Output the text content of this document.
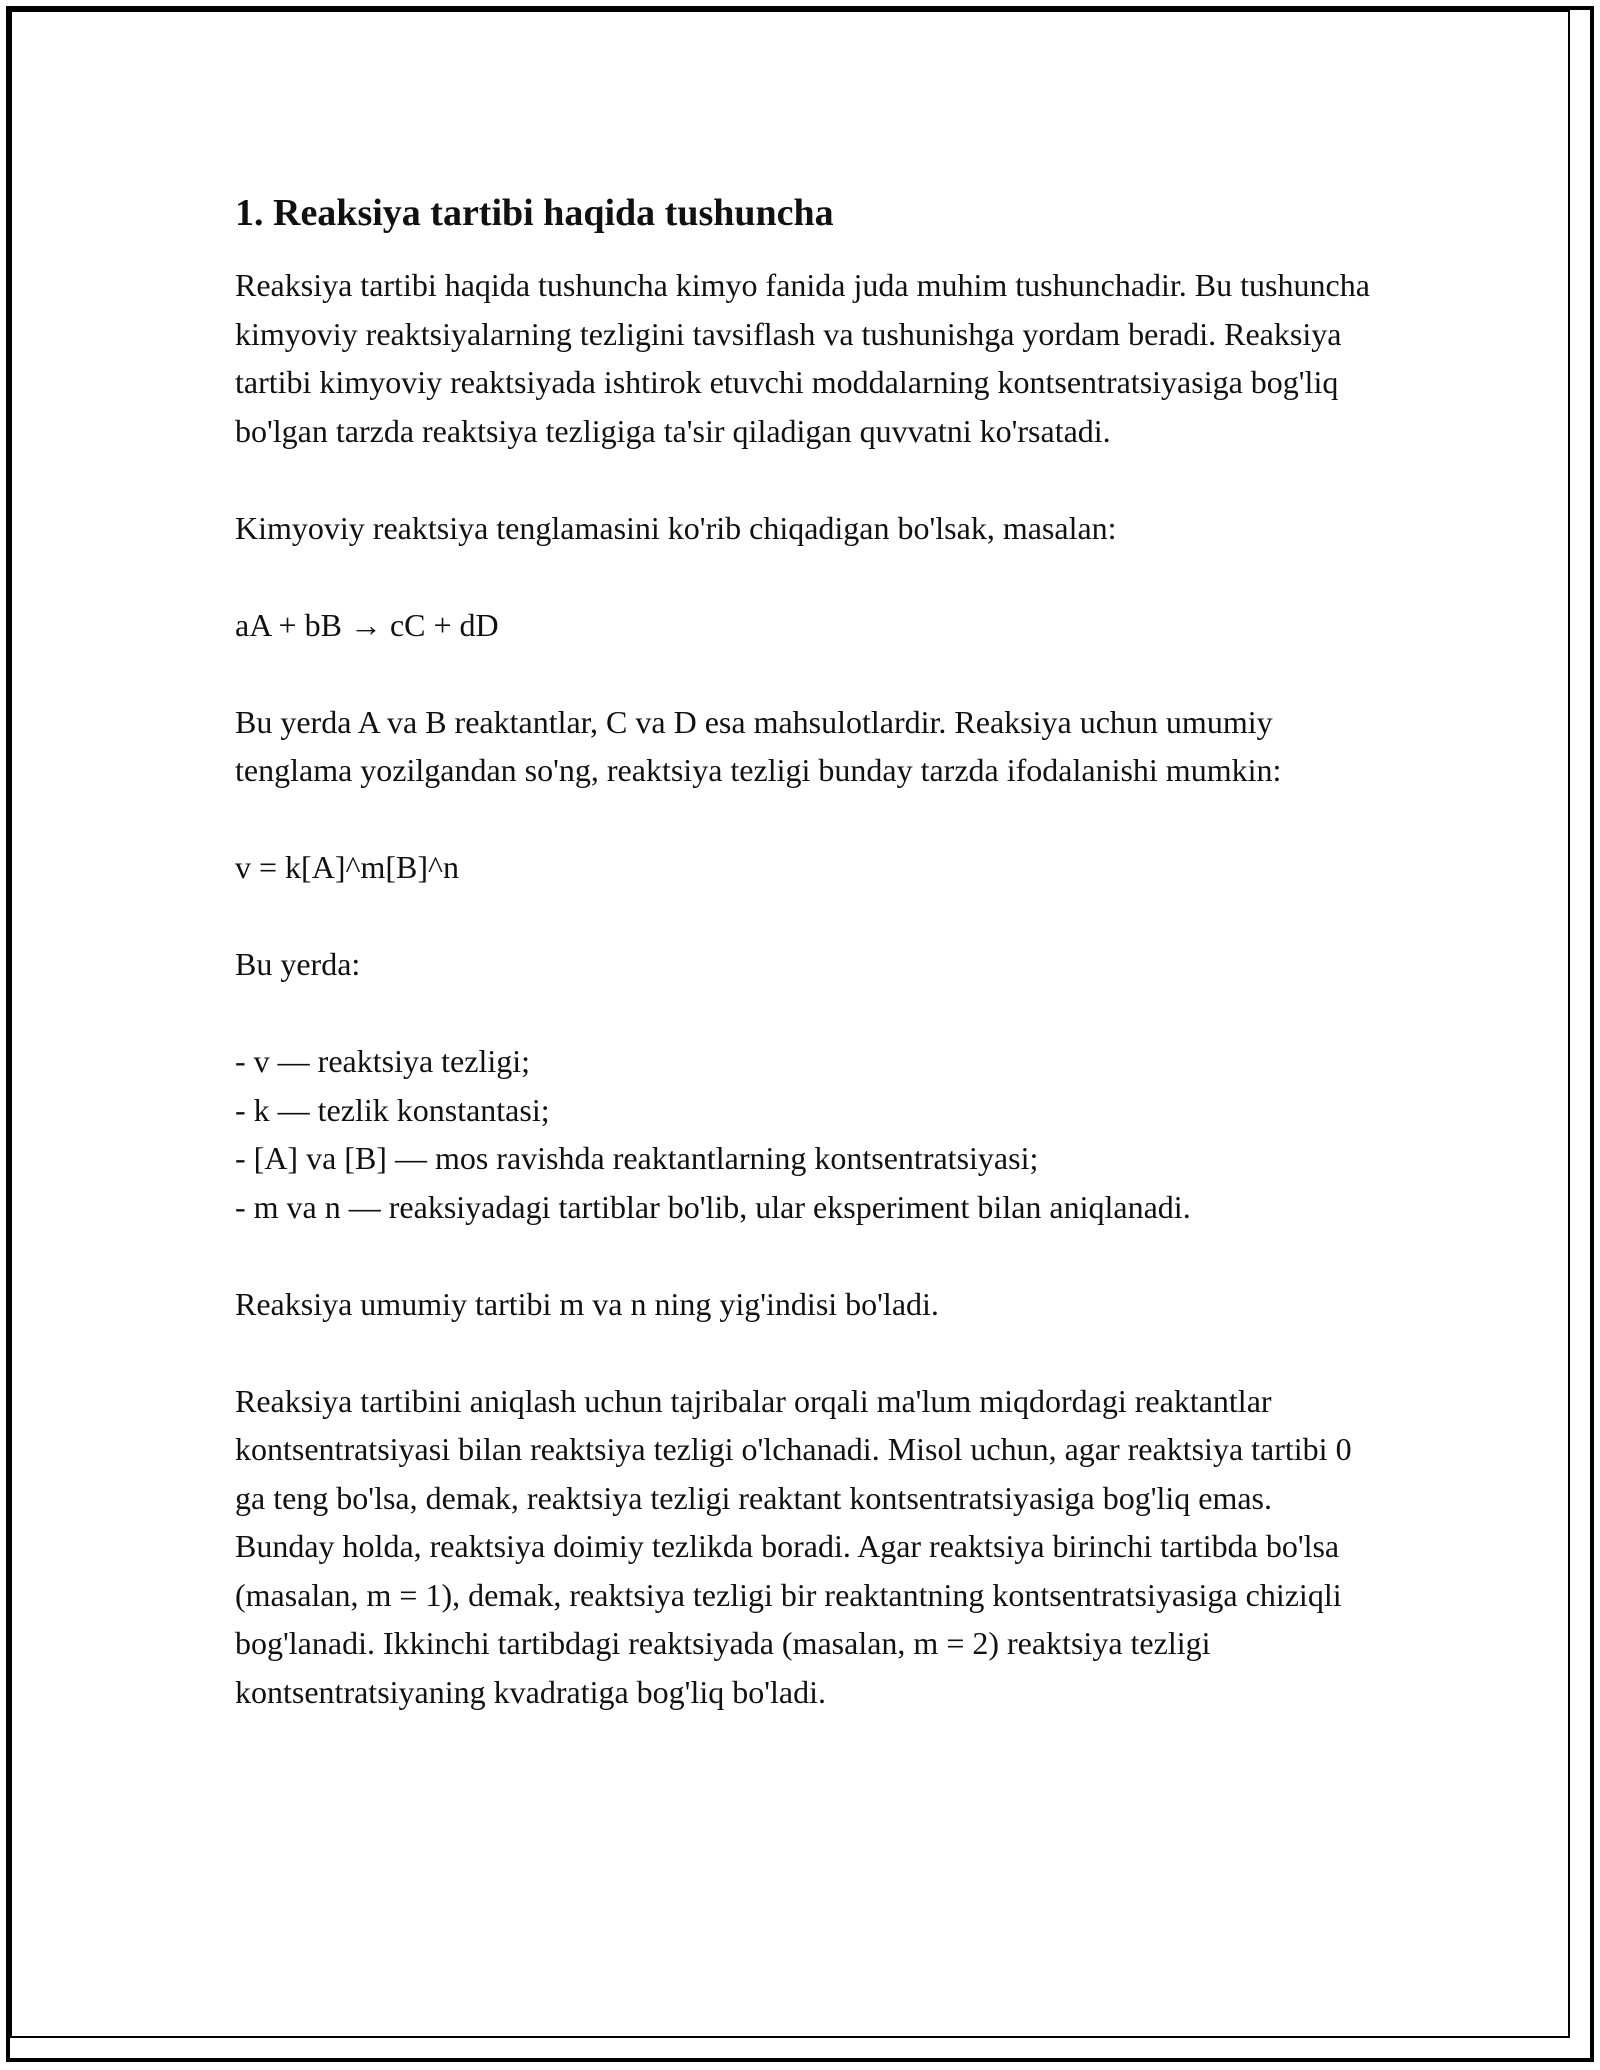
1. Reaksiya tartibi haqida tushuncha

Reaksiya tartibi haqida tushuncha kimyo fanida juda muhim tushunchadir. Bu tushuncha kimyoviy reaktsiyalarning tezligini tavsiflash va tushunishga yordam beradi. Reaksiya tartibi kimyoviy reaktsiyada ishtirok etuvchi moddalarning kontsentratsiyasiga bog'liq bo'lgan tarzda reaktsiya tezligiga ta'sir qiladigan quvvatni ko'rsatadi.

Kimyoviy reaktsiya tenglamasini ko'rib chiqadigan bo'lsak, masalan:

aA + bB → cC + dD

Bu yerda A va B reaktantlar, C va D esa mahsulotlardir. Reaksiya uchun umumiy tenglama yozilgandan so'ng, reaktsiya tezligi bunday tarzda ifodalanishi mumkin:

v = k[A]^m[B]^n

Bu yerda:

- v — reaktsiya tezligi;
- k — tezlik konstantasi;
- [A] va [B] — mos ravishda reaktantlarning kontsentratsiyasi;
- m va n — reaksiyadagi tartiblar bo'lib, ular eksperiment bilan aniqlanadi.

Reaksiya umumiy tartibi m va n ning yig'indisi bo'ladi.

Reaksiya tartibini aniqlash uchun tajribalar orqali ma'lum miqdordagi reaktantlar kontsentratsiyasi bilan reaktsiya tezligi o'lchanadi. Misol uchun, agar reaktsiya tartibi 0 ga teng bo'lsa, demak, reaktsiya tezligi reaktant kontsentratsiyasiga bog'liq emas. Bunday holda, reaktsiya doimiy tezlikda boradi. Agar reaktsiya birinchi tartibda bo'lsa (masalan, m = 1), demak, reaktsiya tezligi bir reaktantning kontsentratsiyasiga chiziqli bog'lanadi. Ikkinchi tartibdagi reaktsiyada (masalan, m = 2) reaktsiya tezligi kontsentratsiyaning kvadratiga bog'liq bo'ladi.
